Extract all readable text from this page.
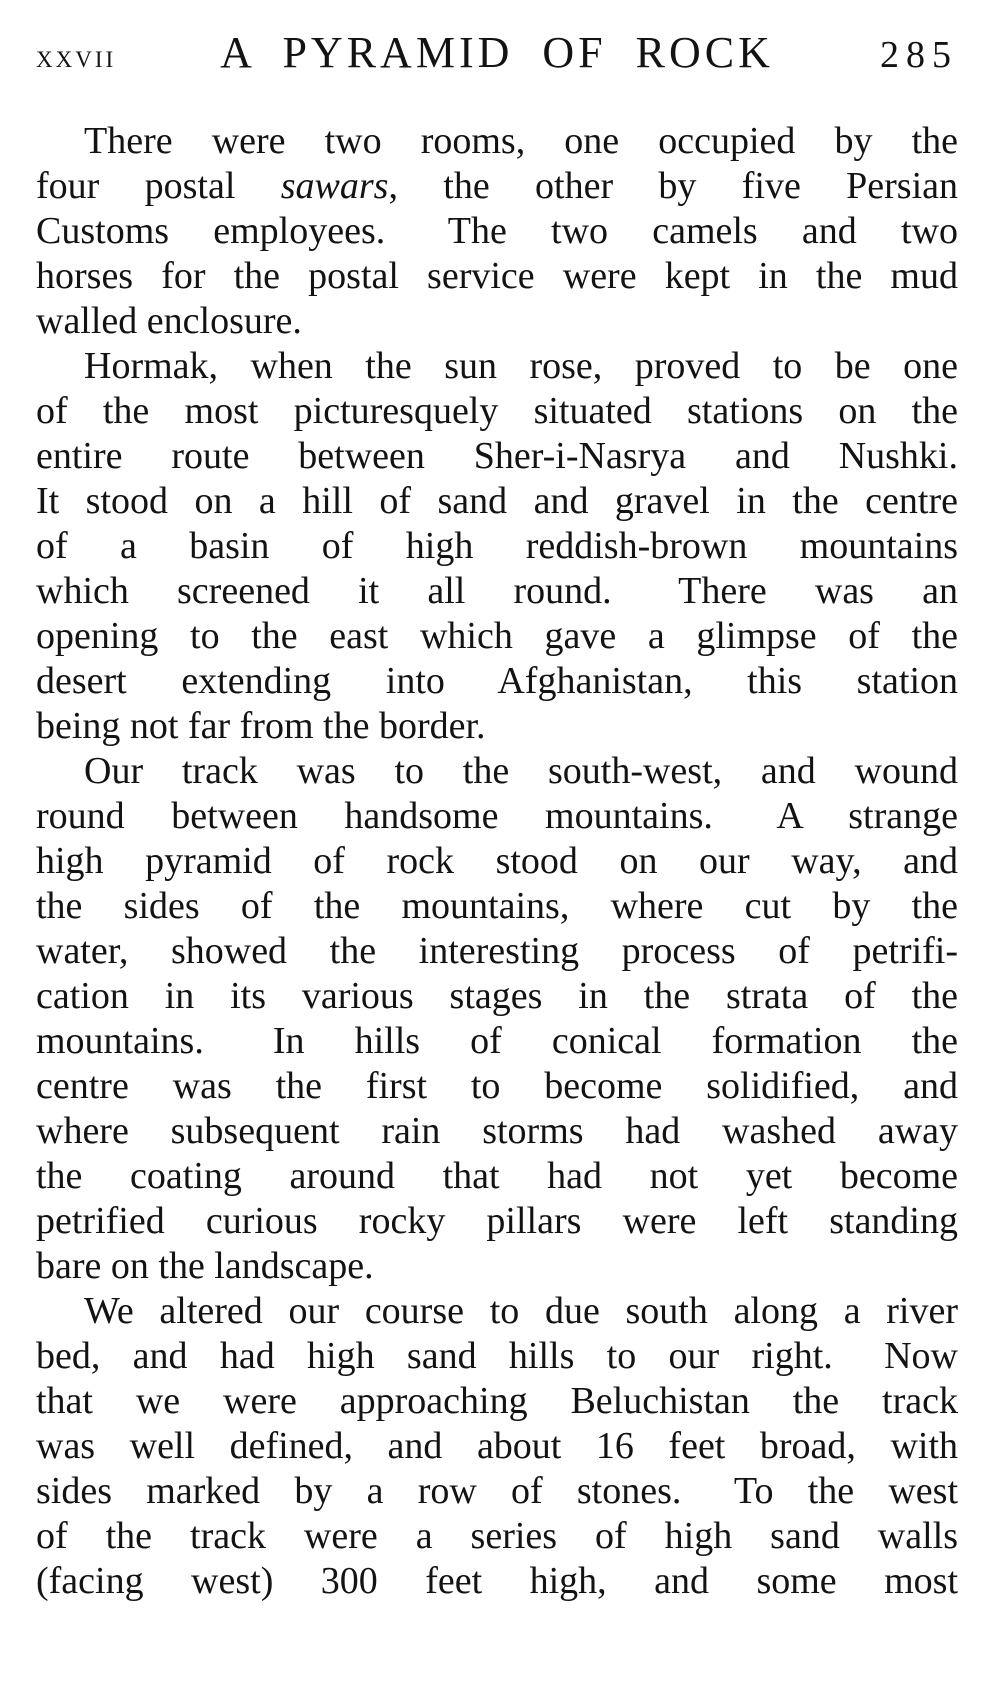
XXVII A PYRAMID OF ROCK	285
There were two rooms, one occupied by the
four postal sawars, the other by five Persian
Customs employees.  The two camels and two
horses for the postal service were kept in the mud
walled enclosure.
Hormak, when the sun rose, proved to be one
of the most picturesquely situated stations on the
entire route between Sher-i-Nasrya and Nushki.
It stood on a hill of sand and gravel in the centre
of a basin of high reddish-brown mountains
which screened it all round.  There was an
opening to the east which gave a glimpse of the
desert extending into Afghanistan, this station
being not far from the border.
Our track was to the south-west, and wound
round between handsome mountains.  A strange
high pyramid of rock stood on our way, and
the sides of the mountains, where cut by the
water, showed the interesting process of petrifi-
cation in its various stages in the strata of the
mountains.  In hills of conical formation the
centre was the first to become solidified, and
where subsequent rain storms had washed away
the coating around that had not yet become
petrified curious rocky pillars were left standing
bare on the landscape.
We altered our course to due south along a river
bed, and had high sand hills to our right.  Now
that we were approaching Beluchistan the track
was well defined, and about 16 feet broad, with
sides marked by a row of stones.  To the west
of the track were a series of high sand walls
(facing west) 300 feet high, and some most
